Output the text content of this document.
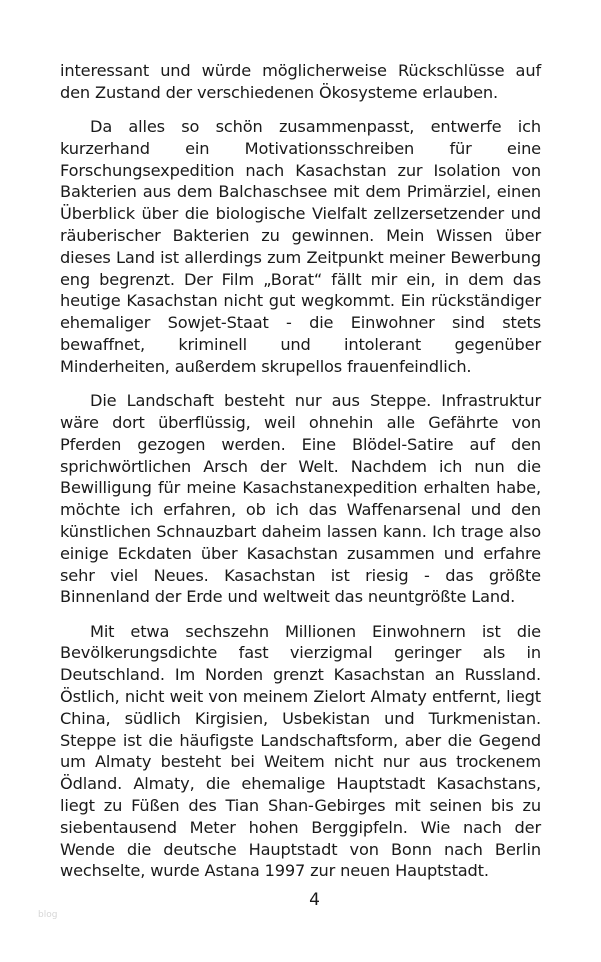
interessant und würde möglicherweise Rückschlüsse auf den Zustand der verschiedenen Ökosysteme erlauben.

Da alles so schön zusammenpasst, entwerfe ich kurzerhand ein Motivationsschreiben für eine Forschungsexpedition nach Kasachstan zur Isolation von Bakterien aus dem Balchaschsee mit dem Primärziel, einen Überblick über die biologische Vielfalt zellzersetzender und räuberischer Bakterien zu gewinnen. Mein Wissen über dieses Land ist allerdings zum Zeitpunkt meiner Bewerbung eng begrenzt. Der Film „Borat“ fällt mir ein, in dem das heutige Kasachstan nicht gut wegkommt. Ein rückständiger ehemaliger Sowjet-Staat - die Einwohner sind stets bewaffnet, kriminell und intolerant gegenüber Minderheiten, außerdem skrupellos frauenfeindlich.

Die Landschaft besteht nur aus Steppe. Infrastruktur wäre dort überflüssig, weil ohnehin alle Gefährte von Pferden gezogen werden. Eine Blödel-Satire auf den sprichwörtlichen Arsch der Welt. Nachdem ich nun die Bewilligung für meine Kasachstanexpedition erhalten habe, möchte ich erfahren, ob ich das Waffenarsenal und den künstlichen Schnauzbart daheim lassen kann. Ich trage also einige Eckdaten über Kasachstan zusammen und erfahre sehr viel Neues. Kasachstan ist riesig - das größte Binnenland der Erde und weltweit das neuntgrößte Land.

Mit etwa sechszehn Millionen Einwohnern ist die Bevölkerungsdichte fast vierzigmal geringer als in Deutschland. Im Norden grenzt Kasachstan an Russland. Östlich, nicht weit von meinem Zielort Almaty entfernt, liegt China, südlich Kirgisien, Usbekistan und Turkmenistan. Steppe ist die häufigste Landschaftsform, aber die Gegend um Almaty besteht bei Weitem nicht nur aus trockenem Ödland. Almaty, die ehemalige Hauptstadt Kasachstans, liegt zu Füßen des Tian Shan-Gebirges mit seinen bis zu siebentausend Meter hohen Berggipfeln. Wie nach der Wende die deutsche Hauptstadt von Bonn nach Berlin wechselte, wurde Astana 1997 zur neuen Hauptstadt.

4
blog
